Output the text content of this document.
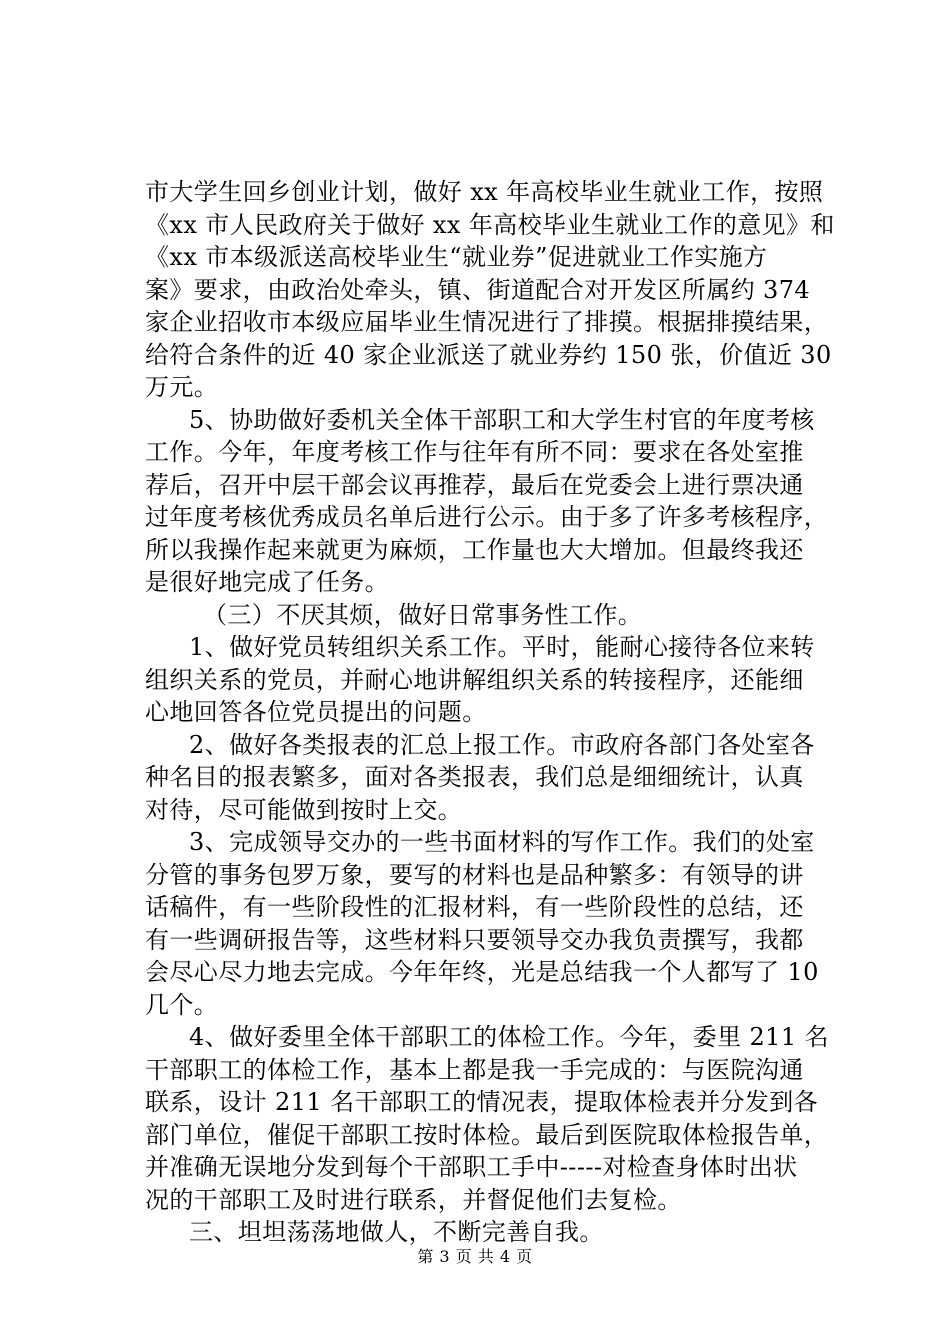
市大学生回乡创业计划，做好 xx 年高校毕业生就业工作，按照
《xx 市人民政府关于做好 xx 年高校毕业生就业工作的意见》和
《xx 市本级派送高校毕业生“就业券”促进就业工作实施方
案》要求，由政治处牵头，镇、街道配合对开发区所属约 374
家企业招收市本级应届毕业生情况进行了排摸。根据排摸结果，
给符合条件的近 40 家企业派送了就业券约 150 张，价值近 30
万元。
5、协助做好委机关全体干部职工和大学生村官的年度考核
工作。今年，年度考核工作与往年有所不同：要求在各处室推
荐后，召开中层干部会议再推荐，最后在党委会上进行票决通
过年度考核优秀成员名单后进行公示。由于多了许多考核程序，
所以我操作起来就更为麻烦，工作量也大大增加。但最终我还
是很好地完成了任务。
（三）不厌其烦，做好日常事务性工作。
1、做好党员转组织关系工作。平时，能耐心接待各位来转
组织关系的党员，并耐心地讲解组织关系的转接程序，还能细
心地回答各位党员提出的问题。
2、做好各类报表的汇总上报工作。市政府各部门各处室各
种名目的报表繁多，面对各类报表，我们总是细细统计，认真
对待，尽可能做到按时上交。
3、完成领导交办的一些书面材料的写作工作。我们的处室
分管的事务包罗万象，要写的材料也是品种繁多：有领导的讲
话稿件，有一些阶段性的汇报材料，有一些阶段性的总结，还
有一些调研报告等，这些材料只要领导交办我负责撰写，我都
会尽心尽力地去完成。今年年终，光是总结我一个人都写了 10
几个。
4、做好委里全体干部职工的体检工作。今年，委里 211 名
干部职工的体检工作，基本上都是我一手完成的：与医院沟通
联系，设计 211 名干部职工的情况表，提取体检表并分发到各
部门单位，催促干部职工按时体检。最后到医院取体检报告单，
并准确无误地分发到每个干部职工手中-----对检查身体时出状
况的干部职工及时进行联系，并督促他们去复检。
三、坦坦荡荡地做人，不断完善自我。
第 3 页 共 4 页
